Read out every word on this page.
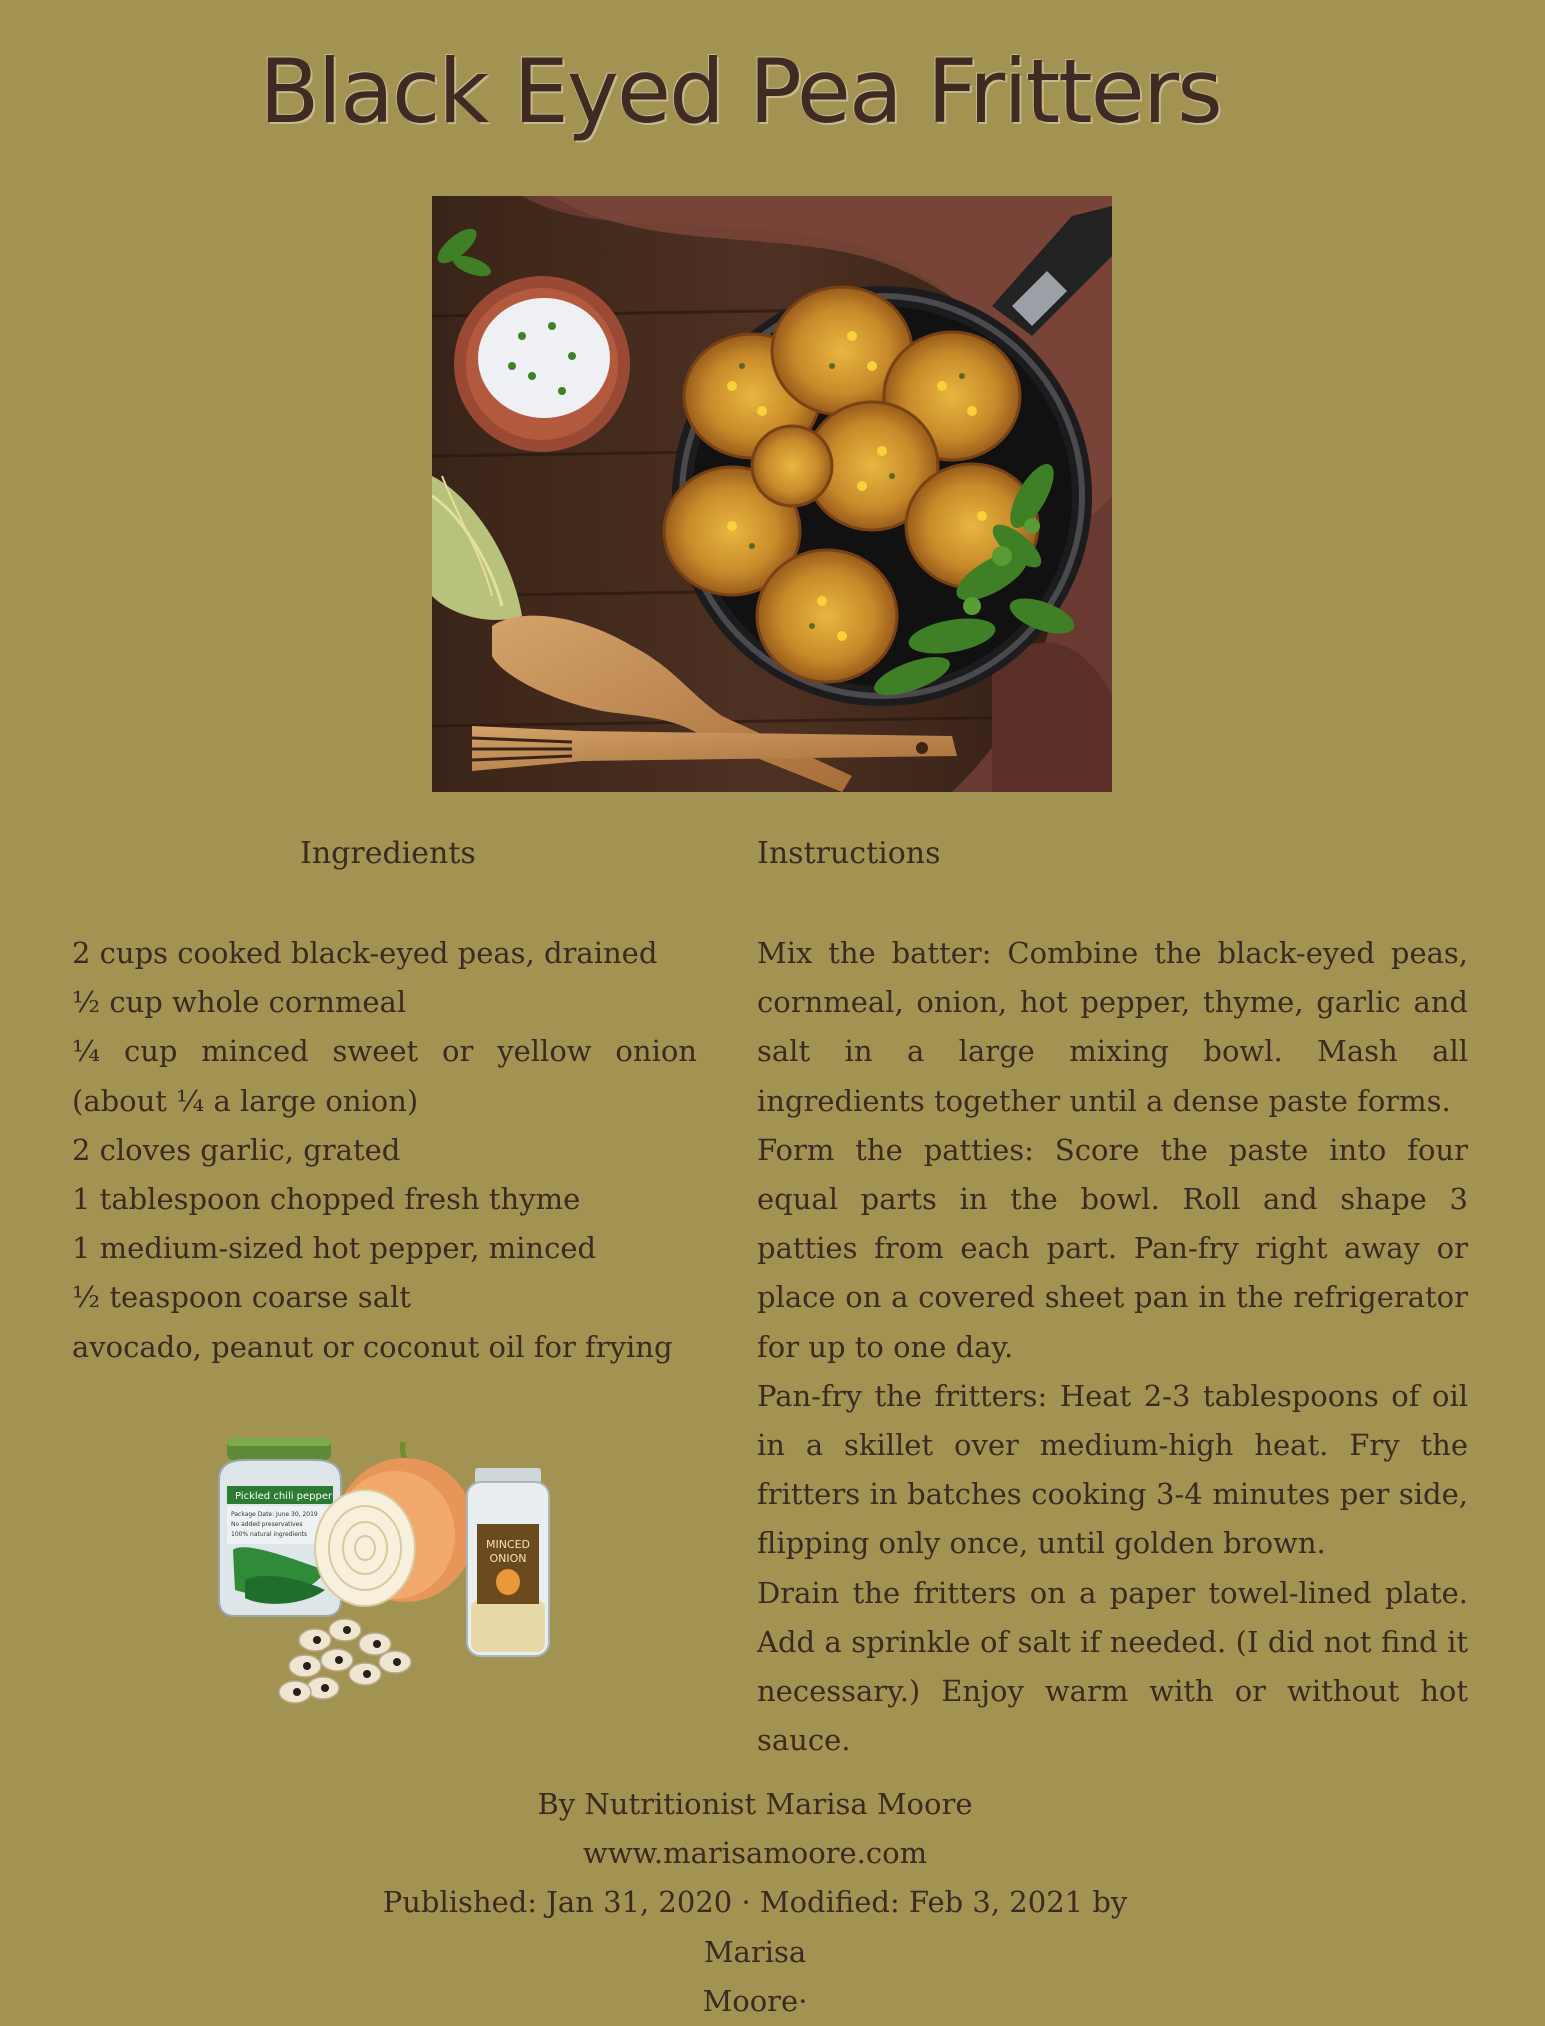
Black Eyed Pea Fritters
Ingredients	Instructions
2 cups cooked black-eyed peas, drained
½ cup whole cornmeal
¼ cup minced sweet or yellow onion (about ¼ a large onion)
2 cloves garlic, grated
1 tablespoon chopped fresh thyme
1 medium-sized hot pepper, minced
½ teaspoon coarse salt
avocado, peanut or coconut oil for frying

Mix the batter: Combine the black-eyed peas, cornmeal, onion, hot pepper, thyme, garlic and salt in a large mixing bowl. Mash all ingredients together until a dense paste forms.

Form the patties: Score the paste into four equal parts in the bowl. Roll and shape 3 patties from each part. Pan-fry right away or place on a covered sheet pan in the refrigerator for up to one day.

Pan-fry the fritters: Heat 2-3 tablespoons of oil in a skillet over medium-high heat. Fry the fritters in batches cooking 3-4 minutes per side, flipping only once, until golden brown.

Drain the fritters on a paper towel-lined plate. Add a sprinkle of salt if needed. (I did not find it necessary.) Enjoy warm with or without hot sauce.

Pickled chili pepper
Package Date: June 30, 2019
No added preservatives
100% natural ingredients
MINCED
ONION
By Nutritionist Marisa Moore
www.marisamoore.com
Published: Jan 31, 2020 · Modified: Feb 3, 2021 by Marisa
Moore·
